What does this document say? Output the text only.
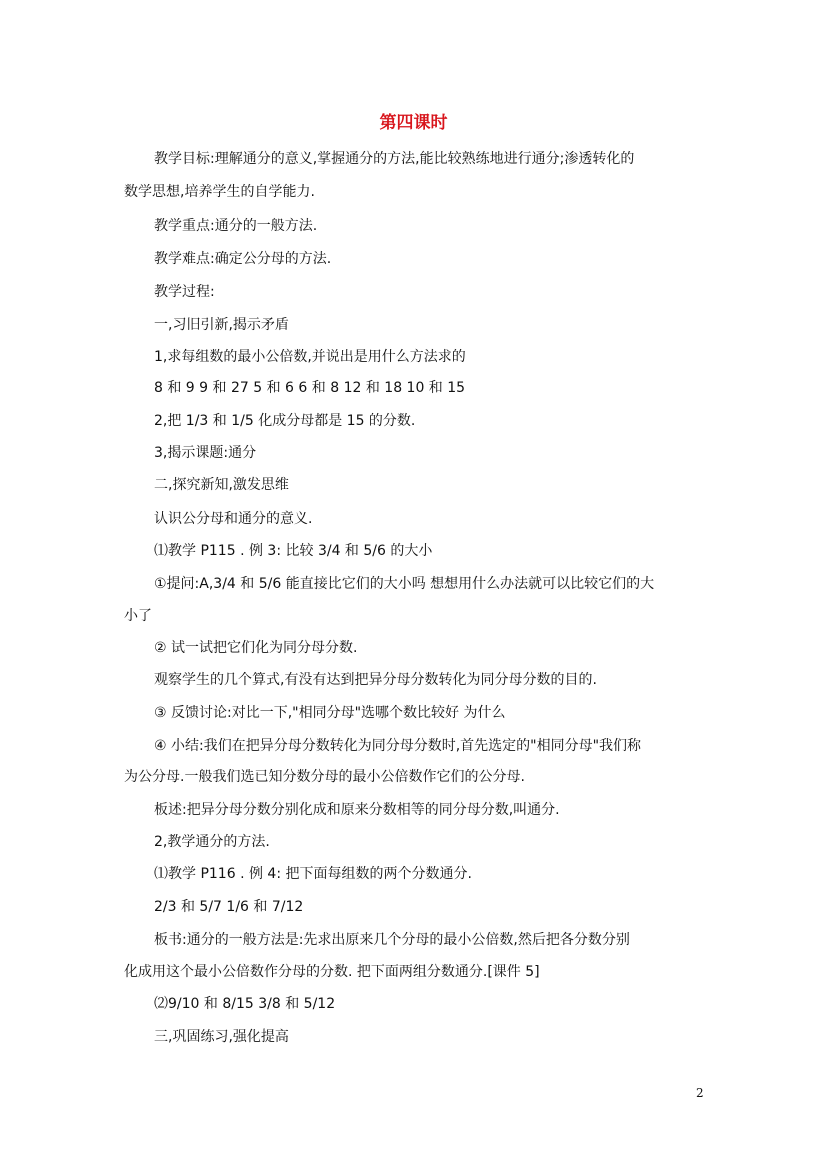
第四课时
教学目标:理解通分的意义,掌握通分的方法,能比较熟练地进行通分;渗透转化的
数学思想,培养学生的自学能力.
教学重点:通分的一般方法.
教学难点:确定公分母的方法.
教学过程:
一,习旧引新,揭示矛盾
1,求每组数的最小公倍数,并说出是用什么方法求的
8 和 9 9 和 27 5 和 6 6 和 8 12 和 18 10 和 15
2,把 1/3 和 1/5 化成分母都是 15 的分数.
3,揭示课题:通分
二,探究新知,激发思维
认识公分母和通分的意义.
⑴教学 P115 . 例 3: 比较 3/4 和 5/6 的大小
①提问:A,3/4 和 5/6 能直接比它们的大小吗 想想用什么办法就可以比较它们的大
小了
② 试一试把它们化为同分母分数.
观察学生的几个算式,有没有达到把异分母分数转化为同分母分数的目的.
③ 反馈讨论:对比一下,"相同分母"选哪个数比较好 为什么
④ 小结:我们在把异分母分数转化为同分母分数时,首先选定的"相同分母"我们称
为公分母.一般我们选已知分数分母的最小公倍数作它们的公分母.
板述:把异分母分数分别化成和原来分数相等的同分母分数,叫通分.
2,教学通分的方法.
⑴教学 P116 . 例 4: 把下面每组数的两个分数通分.
2/3 和 5/7 1/6 和 7/12
板书:通分的一般方法是:先求出原来几个分母的最小公倍数,然后把各分数分别
化成用这个最小公倍数作分母的分数. 把下面两组分数通分.[课件 5]
⑵9/10 和 8/15 3/8 和 5/12
三,巩固练习,强化提高
2
